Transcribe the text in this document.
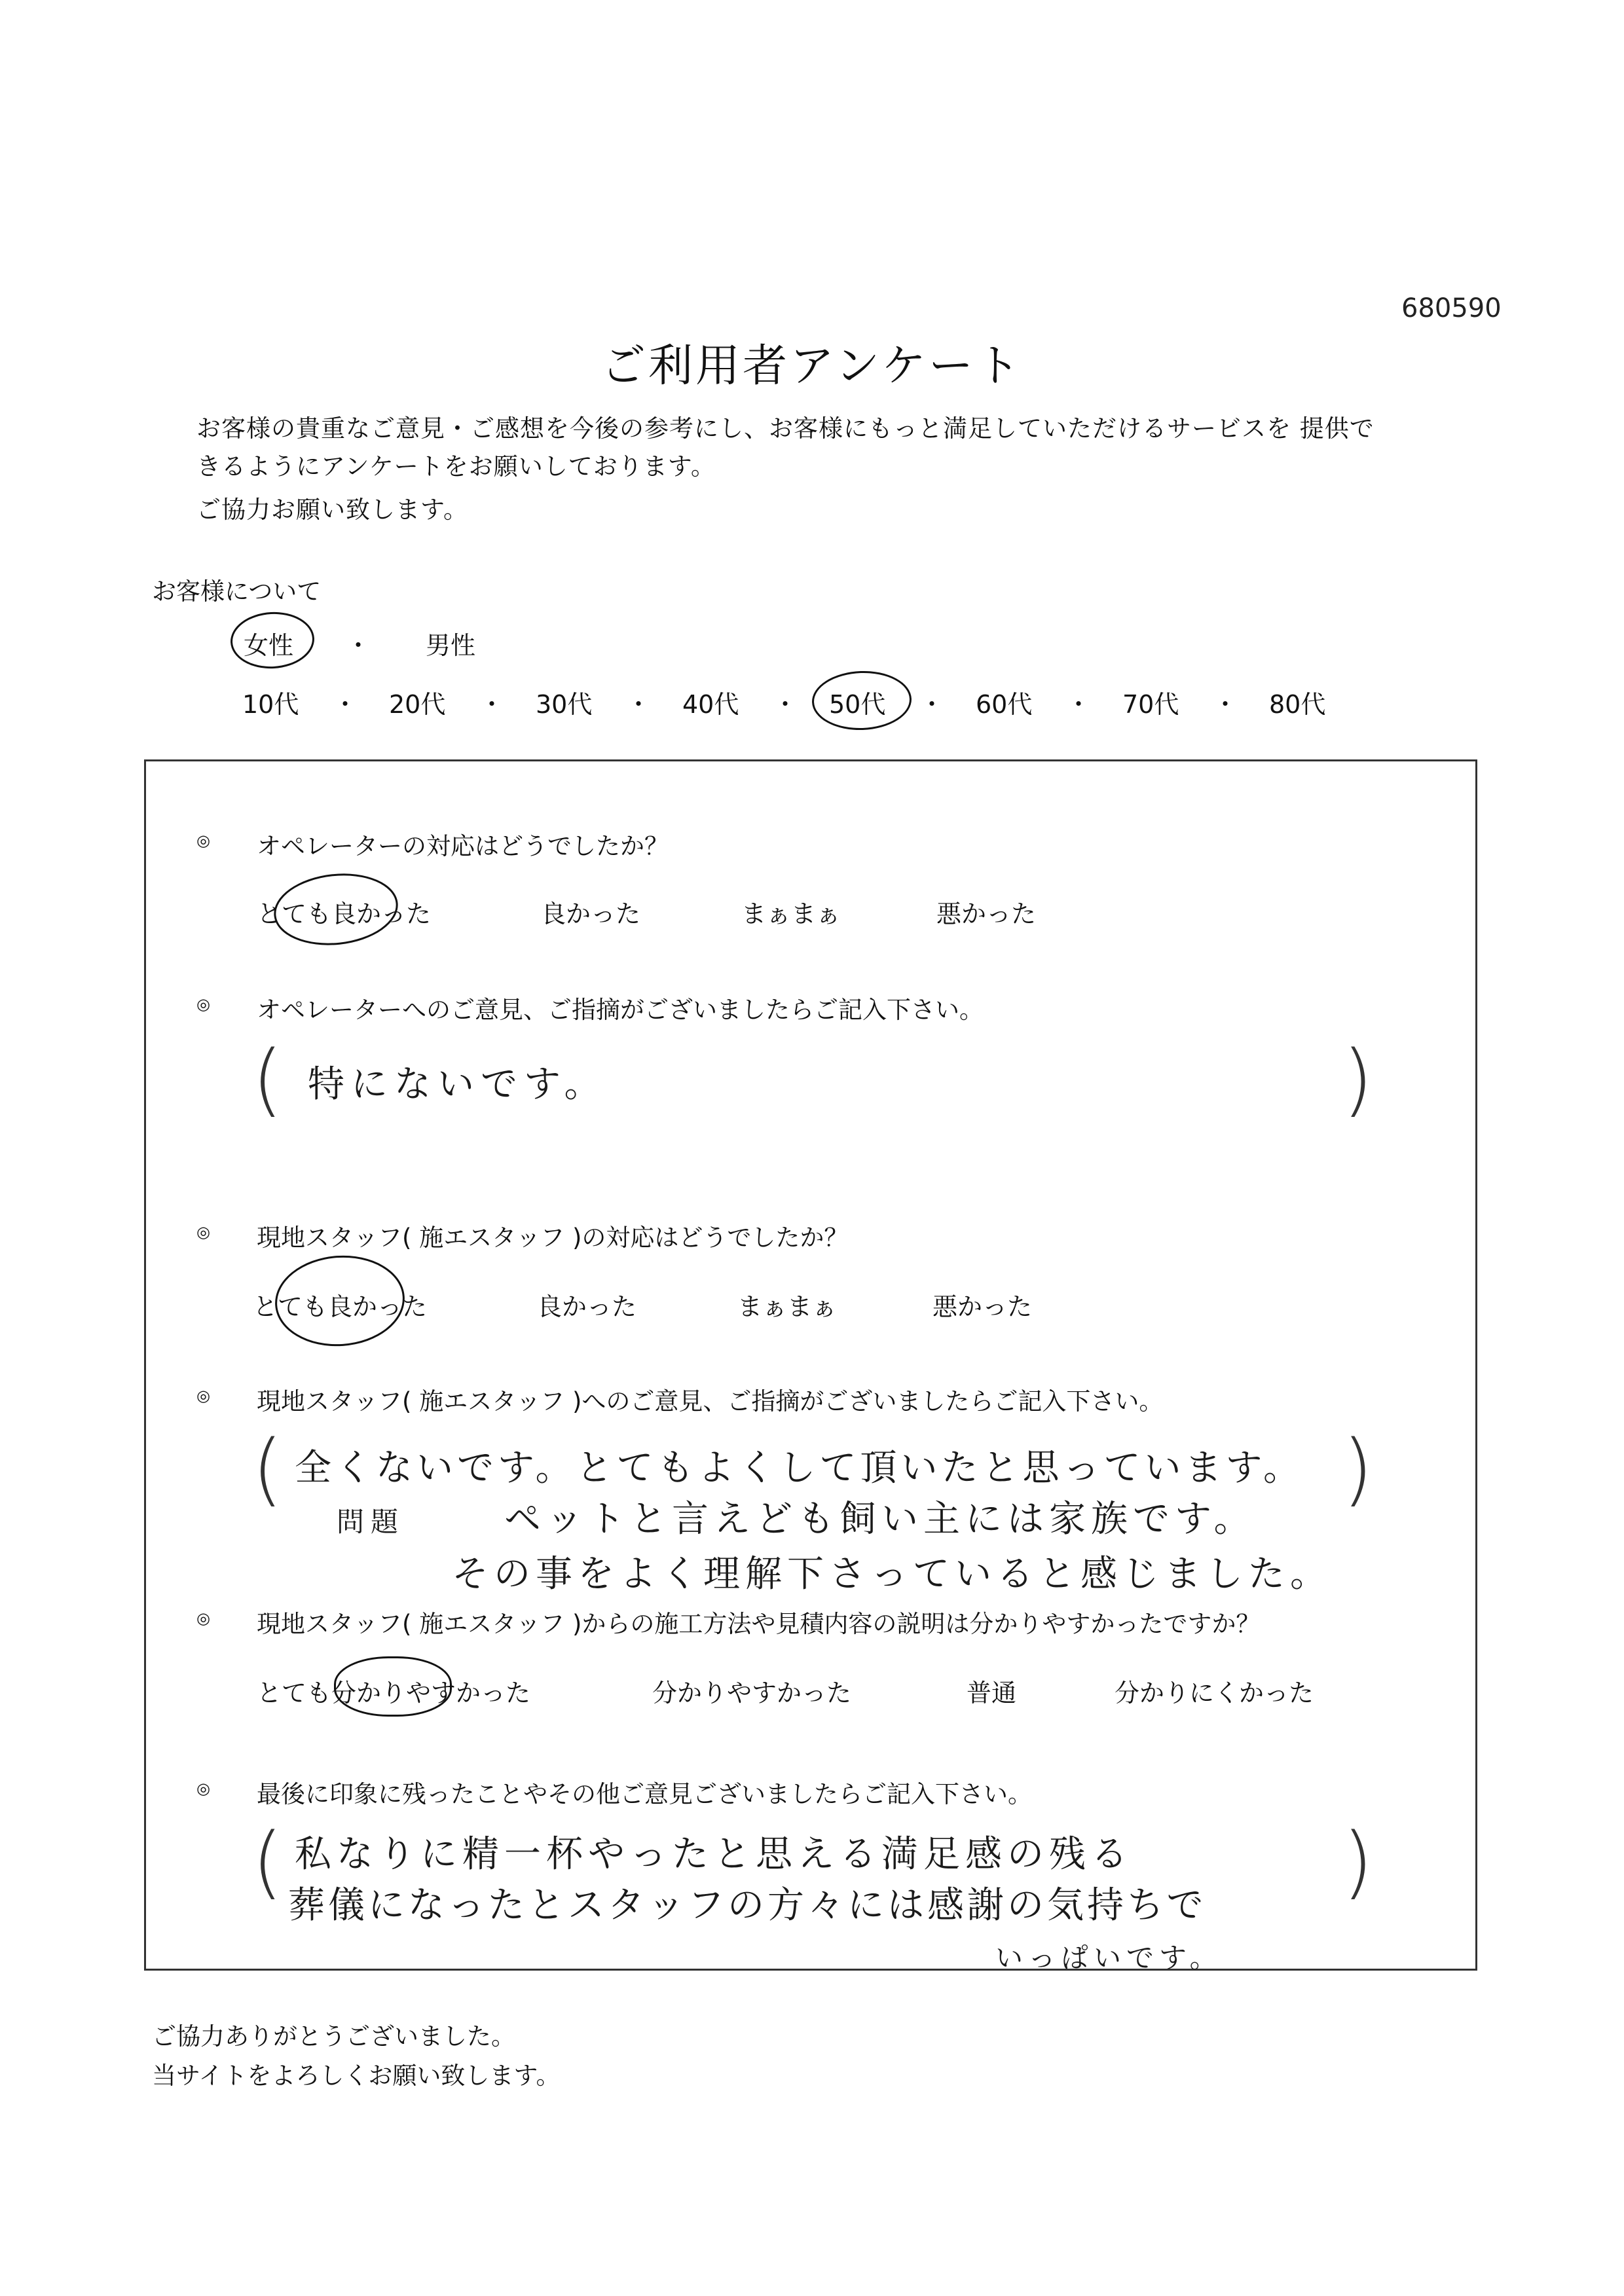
680590
ご利用者アンケート
お客様の貴重なご意見・ご感想を今後の参考にし、お客様にもっと満足していただけるサービスを 提供で
きるようにアンケートをお願いしております。
ご協力お願い致します。
お客様について
女性 ・ 男性
10代 ・ 20代 ・ 30代 ・ 40代 ・ 50代 ・ 60代 ・ 70代 ・ 80代
◎ オペレーターの対応はどうでしたか？
とても良かった	良かった	まぁまぁ	悪かった
◎ オペレーターへのご意見、ご指摘がございましたらご記入下さい。
(	)
特にないです。
◎ 現地スタッフ( 施エスタッフ )の対応はどうでしたか？
とても良かった	良かった	まぁまぁ	悪かった
◎ 現地スタッフ( 施エスタッフ )へのご意見、ご指摘がございましたらご記入下さい。
(	)
全くないです。とてもよくして頂いたと思っています。
問題	ペットと言えども飼い主には家族です。
その事をよく理解下さっていると感じました。
◎ 現地スタッフ( 施エスタッフ )からの施工方法や見積内容の説明は分かりやすかったですか？
とても分かりやすかった	分かりやすかった	普通	分かりにくかった
◎ 最後に印象に残ったことやその他ご意見ございましたらご記入下さい。
(	)
私なりに精一杯やったと思える満足感の残る
葬儀になったとスタッフの方々には感謝の気持ちで
いっぱいです。
ご協力ありがとうございました。
当サイトをよろしくお願い致します。
